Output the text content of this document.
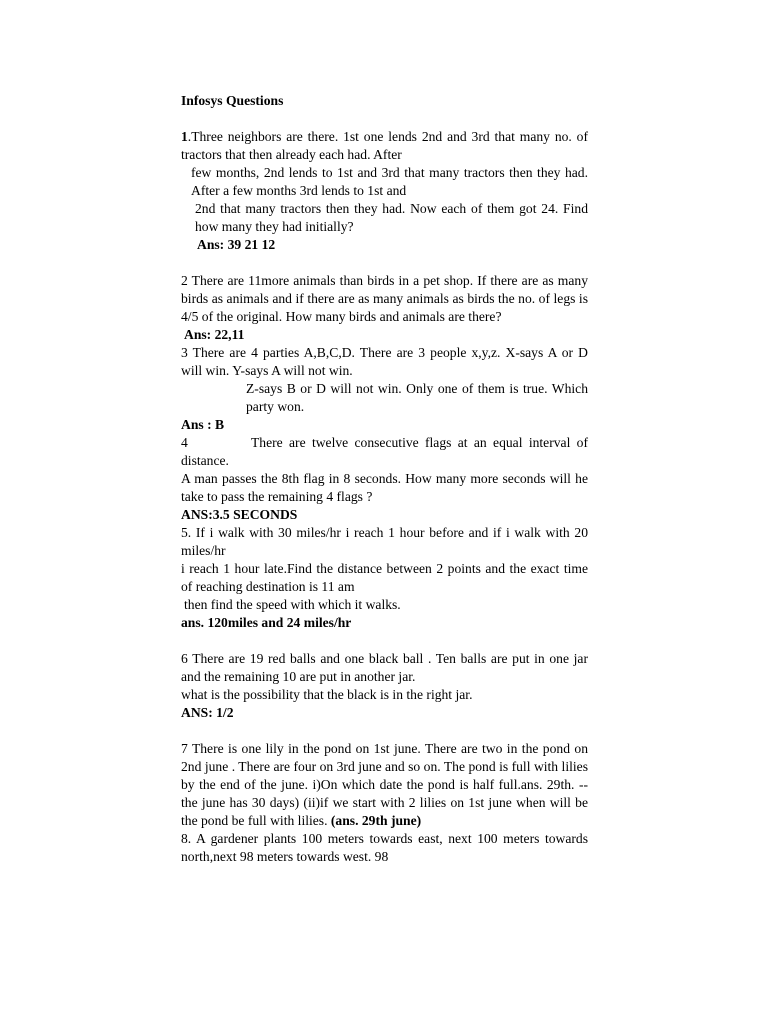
Infosys Questions

1.Three neighbors are there. 1st one lends 2nd and 3rd that many no. of tractors that then already each had. After

few months, 2nd lends to 1st and 3rd that many tractors then they had. After a few months 3rd lends to 1st and

2nd that many tractors then they had. Now each of them got 24. Find how many they had initially?

Ans: 39 21 12

2 There are 11more animals than birds in a pet shop. If there are as many birds as animals and if there are as many animals as birds the no. of legs is 4/5 of the original. How many birds and animals are there?

Ans: 22,11

3 There are 4 parties A,B,C,D. There are 3 people x,y,z. X-says A or D will win. Y-says A will not win.

Z-says B or D will not win. Only one of them is true. Which party won.

Ans : B

4	There are twelve consecutive flags at an equal interval of distance.

A man passes the 8th flag in 8 seconds. How many more seconds will he take to pass the remaining 4 flags ?

ANS:3.5 SECONDS

5. If i walk with 30 miles/hr i reach 1 hour before and if i walk with 20 miles/hr

i reach 1 hour late.Find the distance between 2 points and the exact time of reaching destination is 11 am

then find the speed with which it walks.

ans. 120miles and 24 miles/hr

6 There are 19 red balls and one black ball . Ten balls are put in one jar and the remaining 10 are put in another jar.

what is the possibility that the black is in the right jar.

ANS: 1/2

7 There is one lily in the pond on 1st june. There are two in the pond on 2nd june . There are four on 3rd june and so on. The pond is full with lilies by the end of the june. i)On which date the pond is half full.ans. 29th. --the june has 30 days) (ii)if we start with 2 lilies on 1st june when will be the pond be full with lilies. (ans. 29th june)

8. A gardener plants 100 meters towards east, next 100 meters towards north,next 98 meters towards west. 98
